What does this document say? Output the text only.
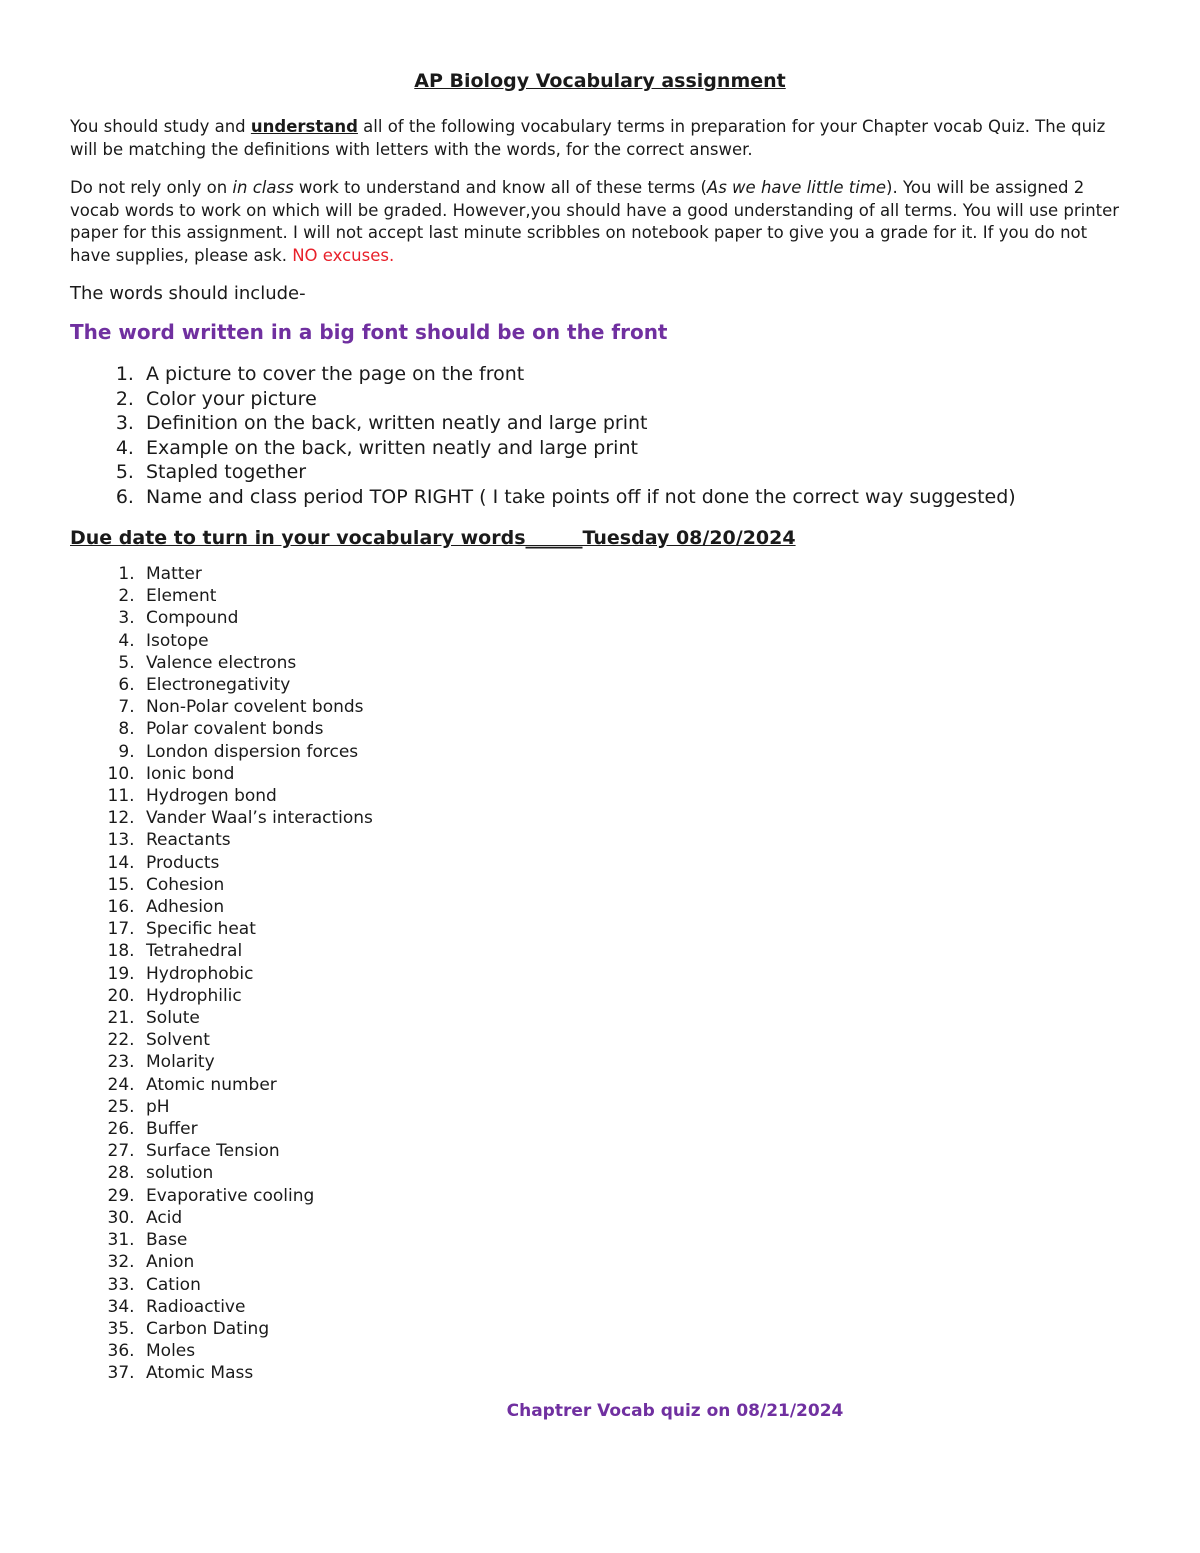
AP Biology Vocabulary assignment

You should study and understand all of the following vocabulary terms in preparation for your Chapter vocab Quiz. The quiz will be matching the definitions with letters with the words, for the correct answer.

Do not rely only on in class work to understand and know all of these terms (As we have little time). You will be assigned 2 vocab words to work on which will be graded. However,you should have a good understanding of all terms. You will use printer paper for this assignment. I will not accept last minute scribbles on notebook paper to give you a grade for it. If you do not have supplies, please ask. NO excuses.

The words should include-
The word written in a big font should be on the front
1. A picture to cover the page on the front
2. Color your picture
3. Definition on the back, written neatly and large print
4. Example on the back, written neatly and large print
5. Stapled together
6. Name and class period TOP RIGHT ( I take points off if not done the correct way suggested)
Due date to turn in your vocabulary words______Tuesday 08/20/2024
1. Matter
2. Element
3. Compound
4. Isotope
5. Valence electrons
6. Electronegativity
7. Non-Polar covelent bonds
8. Polar covalent bonds
9. London dispersion forces
10. Ionic bond
11. Hydrogen bond
12. Vander Waal’s interactions
13. Reactants
14. Products
15. Cohesion
16. Adhesion
17. Specific heat
18. Tetrahedral
19. Hydrophobic
20. Hydrophilic
21. Solute
22. Solvent
23. Molarity
24. Atomic number
25. pH
26. Buffer
27. Surface Tension
28. solution
29. Evaporative cooling
30. Acid
31. Base
32. Anion
33. Cation
34. Radioactive
35. Carbon Dating
36. Moles
37. Atomic Mass
Chaptrer Vocab quiz on 08/21/2024
